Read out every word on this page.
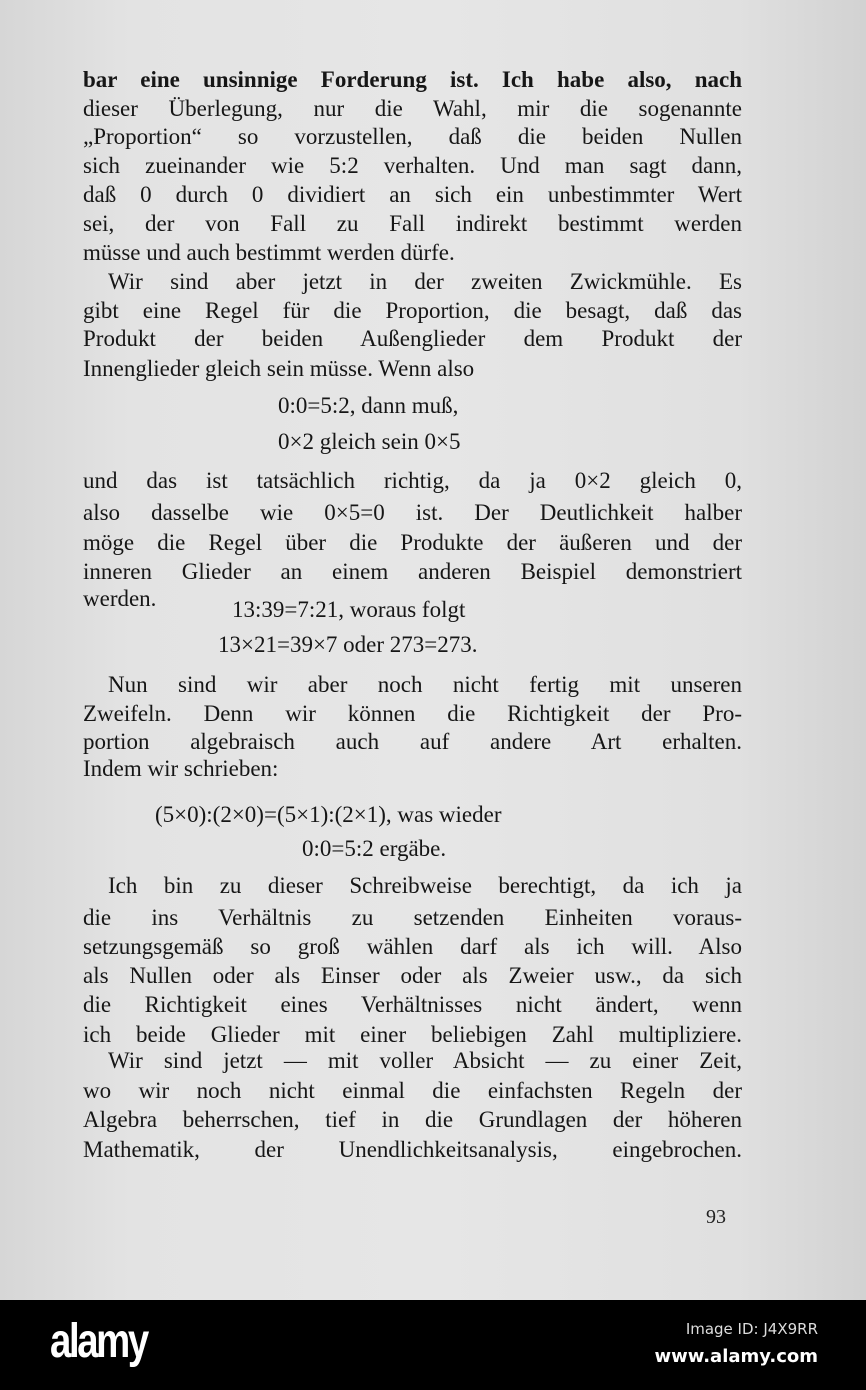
93
bar eine unsinnige Forderung ist. Ich habe also, nach
dieser Überlegung, nur die Wahl, mir die sogenannte
„Proportion“ so vorzustellen, daß die beiden Nullen
sich zueinander wie 5:2 verhalten. Und man sagt dann,
daß 0 durch 0 dividiert an sich ein unbestimmter Wert
sei, der von Fall zu Fall indirekt bestimmt werden
müsse und auch bestimmt werden dürfe.
Wir sind aber jetzt in der zweiten Zwickmühle. Es
gibt eine Regel für die Proportion, die besagt, daß das
Produkt der beiden Außenglieder dem Produkt der
Innenglieder gleich sein müsse. Wenn also
0:0=5:2, dann muß,
0×2 gleich sein 0×5
und das ist tatsächlich richtig, da ja 0×2 gleich 0,
also dasselbe wie 0×5=0 ist. Der Deutlichkeit halber
möge die Regel über die Produkte der äußeren und der
inneren Glieder an einem anderen Beispiel demonstriert
werden.	13:39=7:21, woraus folgt
13×21=39×7 oder 273=273.
Nun sind wir aber noch nicht fertig mit unseren
Zweifeln. Denn wir können die Richtigkeit der Pro-
portion algebraisch auch auf andere Art erhalten.
Indem wir schrieben:
(5×0):(2×0)=(5×1):(2×1), was wieder
0:0=5:2 ergäbe.
Ich bin zu dieser Schreibweise berechtigt, da ich ja
die ins Verhältnis zu setzenden Einheiten voraus-
setzungsgemäß so groß wählen darf als ich will. Also
als Nullen oder als Einser oder als Zweier usw., da sich
die Richtigkeit eines Verhältnisses nicht ändert, wenn
ich beide Glieder mit einer beliebigen Zahl multipliziere.
Wir sind jetzt — mit voller Absicht — zu einer Zeit,
wo wir noch nicht einmal die einfachsten Regeln der
Algebra beherrschen, tief in die Grundlagen der höheren
Mathematik, der Unendlichkeitsanalysis, eingebrochen.
alamy	Image ID: J4X9RR
www.alamy.com
